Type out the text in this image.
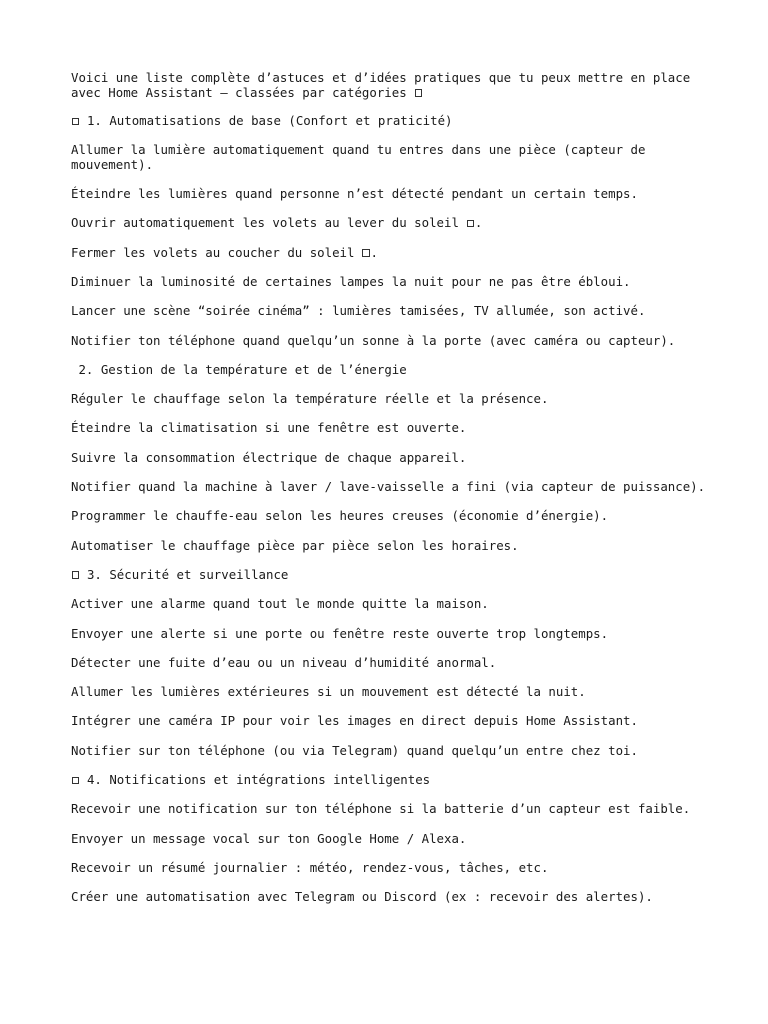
Voici une liste complète d’astuces et d’idées pratiques que tu peux mettre en place avec Home Assistant — classées par catégories

1. Automatisations de base (Confort et praticité)

Allumer la lumière automatiquement quand tu entres dans une pièce (capteur de mouvement).

Éteindre les lumières quand personne n’est détecté pendant un certain temps.

Ouvrir automatiquement les volets au lever du soleil .

Fermer les volets au coucher du soleil .

Diminuer la luminosité de certaines lampes la nuit pour ne pas être ébloui.

Lancer une scène “soirée cinéma” : lumières tamisées, TV allumée, son activé.

Notifier ton téléphone quand quelqu’un sonne à la porte (avec caméra ou capteur).

2. Gestion de la température et de l’énergie

Réguler le chauffage selon la température réelle et la présence.

Éteindre la climatisation si une fenêtre est ouverte.

Suivre la consommation électrique de chaque appareil.

Notifier quand la machine à laver / lave-vaisselle a fini (via capteur de puissance).

Programmer le chauffe-eau selon les heures creuses (économie d’énergie).

Automatiser le chauffage pièce par pièce selon les horaires.

3. Sécurité et surveillance

Activer une alarme quand tout le monde quitte la maison.

Envoyer une alerte si une porte ou fenêtre reste ouverte trop longtemps.

Détecter une fuite d’eau ou un niveau d’humidité anormal.

Allumer les lumières extérieures si un mouvement est détecté la nuit.

Intégrer une caméra IP pour voir les images en direct depuis Home Assistant.

Notifier sur ton téléphone (ou via Telegram) quand quelqu’un entre chez toi.

4. Notifications et intégrations intelligentes

Recevoir une notification sur ton téléphone si la batterie d’un capteur est faible.

Envoyer un message vocal sur ton Google Home / Alexa.

Recevoir un résumé journalier : météo, rendez-vous, tâches, etc.

Créer une automatisation avec Telegram ou Discord (ex : recevoir des alertes).
